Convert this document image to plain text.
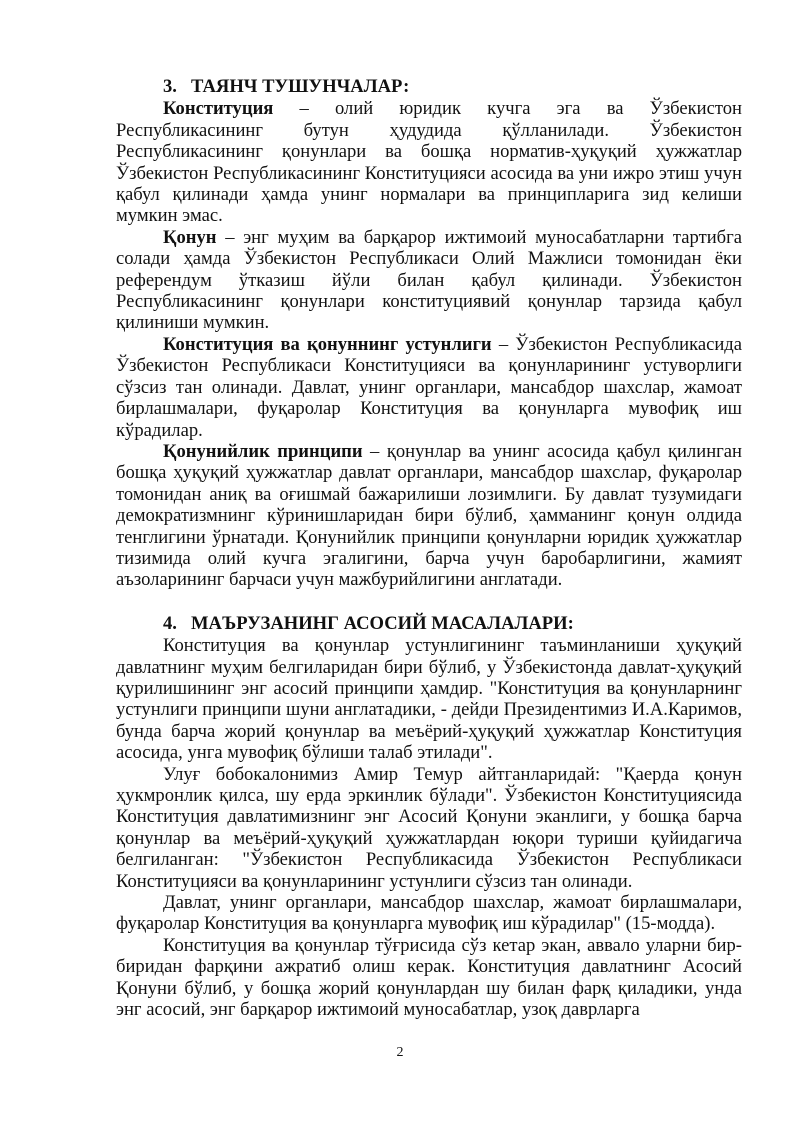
3. ТАЯНЧ ТУШУНЧАЛАР:

Конституция – олий юридик кучга эга ва Ўзбекистон Республикасининг бутун ҳудудида қўлланилади. Ўзбекистон Республикасининг қонунлари ва бошқа норматив-ҳуқуқий ҳужжатлар Ўзбекистон Республикасининг Конституцияси асосида ва уни ижро этиш учун қабул қилинади ҳамда унинг нормалари ва принципларига зид келиши мумкин эмас.

Қонун – энг муҳим ва барқарор ижтимоий муносабатларни тартибга солади ҳамда Ўзбекистон Республикаси Олий Мажлиси томонидан ёки референдум ўтказиш йўли билан қабул қилинади. Ўзбекистон Республикасининг қонунлари конституциявий қонунлар тарзида қабул қилиниши мумкин.

Конституция ва қонуннинг устунлиги – Ўзбекистон Республикасида Ўзбекистон Республикаси Конституцияси ва қонунларининг устуворлиги сўзсиз тан олинади. Давлат, унинг органлари, мансабдор шахслар, жамоат бирлашмалари, фуқаролар Конституция ва қонунларга мувофиқ иш кўрадилар.

Қонунийлик принципи – қонунлар ва унинг асосида қабул қилинган бошқа ҳуқуқий ҳужжатлар давлат органлари, мансабдор шахслар, фуқаролар томонидан аниқ ва оғишмай бажарилиши лозимлиги. Бу давлат тузумидаги демократизмнинг кўринишларидан бири бўлиб, ҳамманинг қонун олдида тенглигини ўрнатади. Қонунийлик принципи қонунларни юридик ҳужжатлар тизимида олий кучга эгалигини, барча учун баробарлигини, жамият аъзоларининг барчаси учун мажбурийлигини англатади.

4. МАЪРУЗАНИНГ АСОСИЙ МАСАЛАЛАРИ:

Конституция ва қонунлар устунлигининг таъминланиши ҳуқуқий давлатнинг муҳим белгиларидан бири бўлиб, у Ўзбекистонда давлат-ҳуқуқий қурилишининг энг асосий принципи ҳамдир. "Конституция ва қонунларнинг устунлиги принципи шуни англатадики, - дейди Президентимиз И.А.Каримов, бунда барча жорий қонунлар ва меъёрий-ҳуқуқий ҳужжатлар Конституция асосида, унга мувофиқ бўлиши талаб этилади".

Улуғ бобокалонимиз Амир Темур айтганларидай: "Қаерда қонун ҳукмронлик қилса, шу ерда эркинлик бўлади". Ўзбекистон Конституциясида Конституция давлатимизнинг энг Асосий Қонуни эканлиги, у бошқа барча қонунлар ва меъёрий-ҳуқуқий ҳужжатлардан юқори туриши қуйидагича белгиланган: "Ўзбекистон Республикасида Ўзбекистон Республикаси Конституцияси ва қонунларининг устунлиги сўзсиз тан олинади.

Давлат, унинг органлари, мансабдор шахслар, жамоат бирлашмалари, фуқаролар Конституция ва қонунларга мувофиқ иш кўрадилар" (15-модда).

Конституция ва қонунлар тўғрисида сўз кетар экан, аввало уларни бир-биридан фарқини ажратиб олиш керак. Конституция давлатнинг Асосий Қонуни бўлиб, у бошқа жорий қонунлардан шу билан фарқ қиладики, унда энг асосий, энг барқарор ижтимоий муносабатлар, узоқ даврларга

2
